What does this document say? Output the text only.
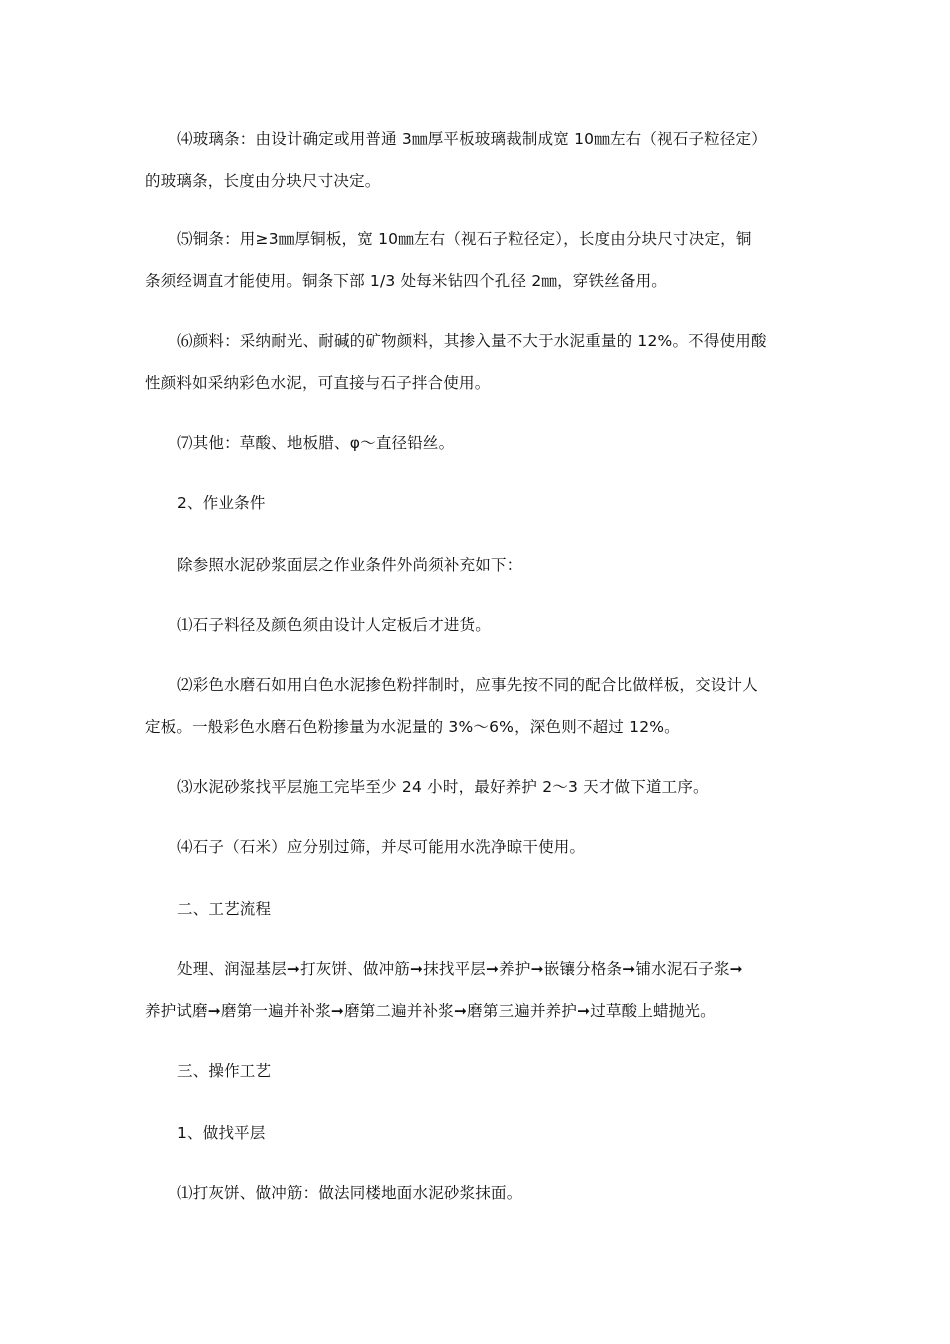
⑷玻璃条：由设计确定或用普通 3㎜厚平板玻璃裁制成宽 10㎜左右（视石子粒径定）
的玻璃条，长度由分块尺寸决定。

⑸铜条：用≥3㎜厚铜板，宽 10㎜左右（视石子粒径定），长度由分块尺寸决定，铜
条须经调直才能使用。铜条下部 1/3 处每米钻四个孔径 2㎜，穿铁丝备用。

⑹颜料：采纳耐光、耐碱的矿物颜料，其掺入量不大于水泥重量的 12%。不得使用酸
性颜料如采纳彩色水泥，可直接与石子拌合使用。

⑺其他：草酸、地板腊、φ～直径铅丝。

2、作业条件

除参照水泥砂浆面层之作业条件外尚须补充如下：

⑴石子料径及颜色须由设计人定板后才进货。

⑵彩色水磨石如用白色水泥掺色粉拌制时，应事先按不同的配合比做样板，交设计人
定板。一般彩色水磨石色粉掺量为水泥量的 3%～6%，深色则不超过 12%。

⑶水泥砂浆找平层施工完毕至少 24 小时，最好养护 2～3 天才做下道工序。

⑷石子（石米）应分别过筛，并尽可能用水洗净晾干使用。

二、工艺流程

处理、润湿基层➞打灰饼、做冲筋➞抹找平层➞养护➞嵌镶分格条➞铺水泥石子浆➞
养护试磨➞磨第一遍并补浆➞磨第二遍并补浆➞磨第三遍并养护➞过草酸上蜡抛光。

三、操作工艺

1、做找平层

⑴打灰饼、做冲筋：做法同楼地面水泥砂浆抹面。
